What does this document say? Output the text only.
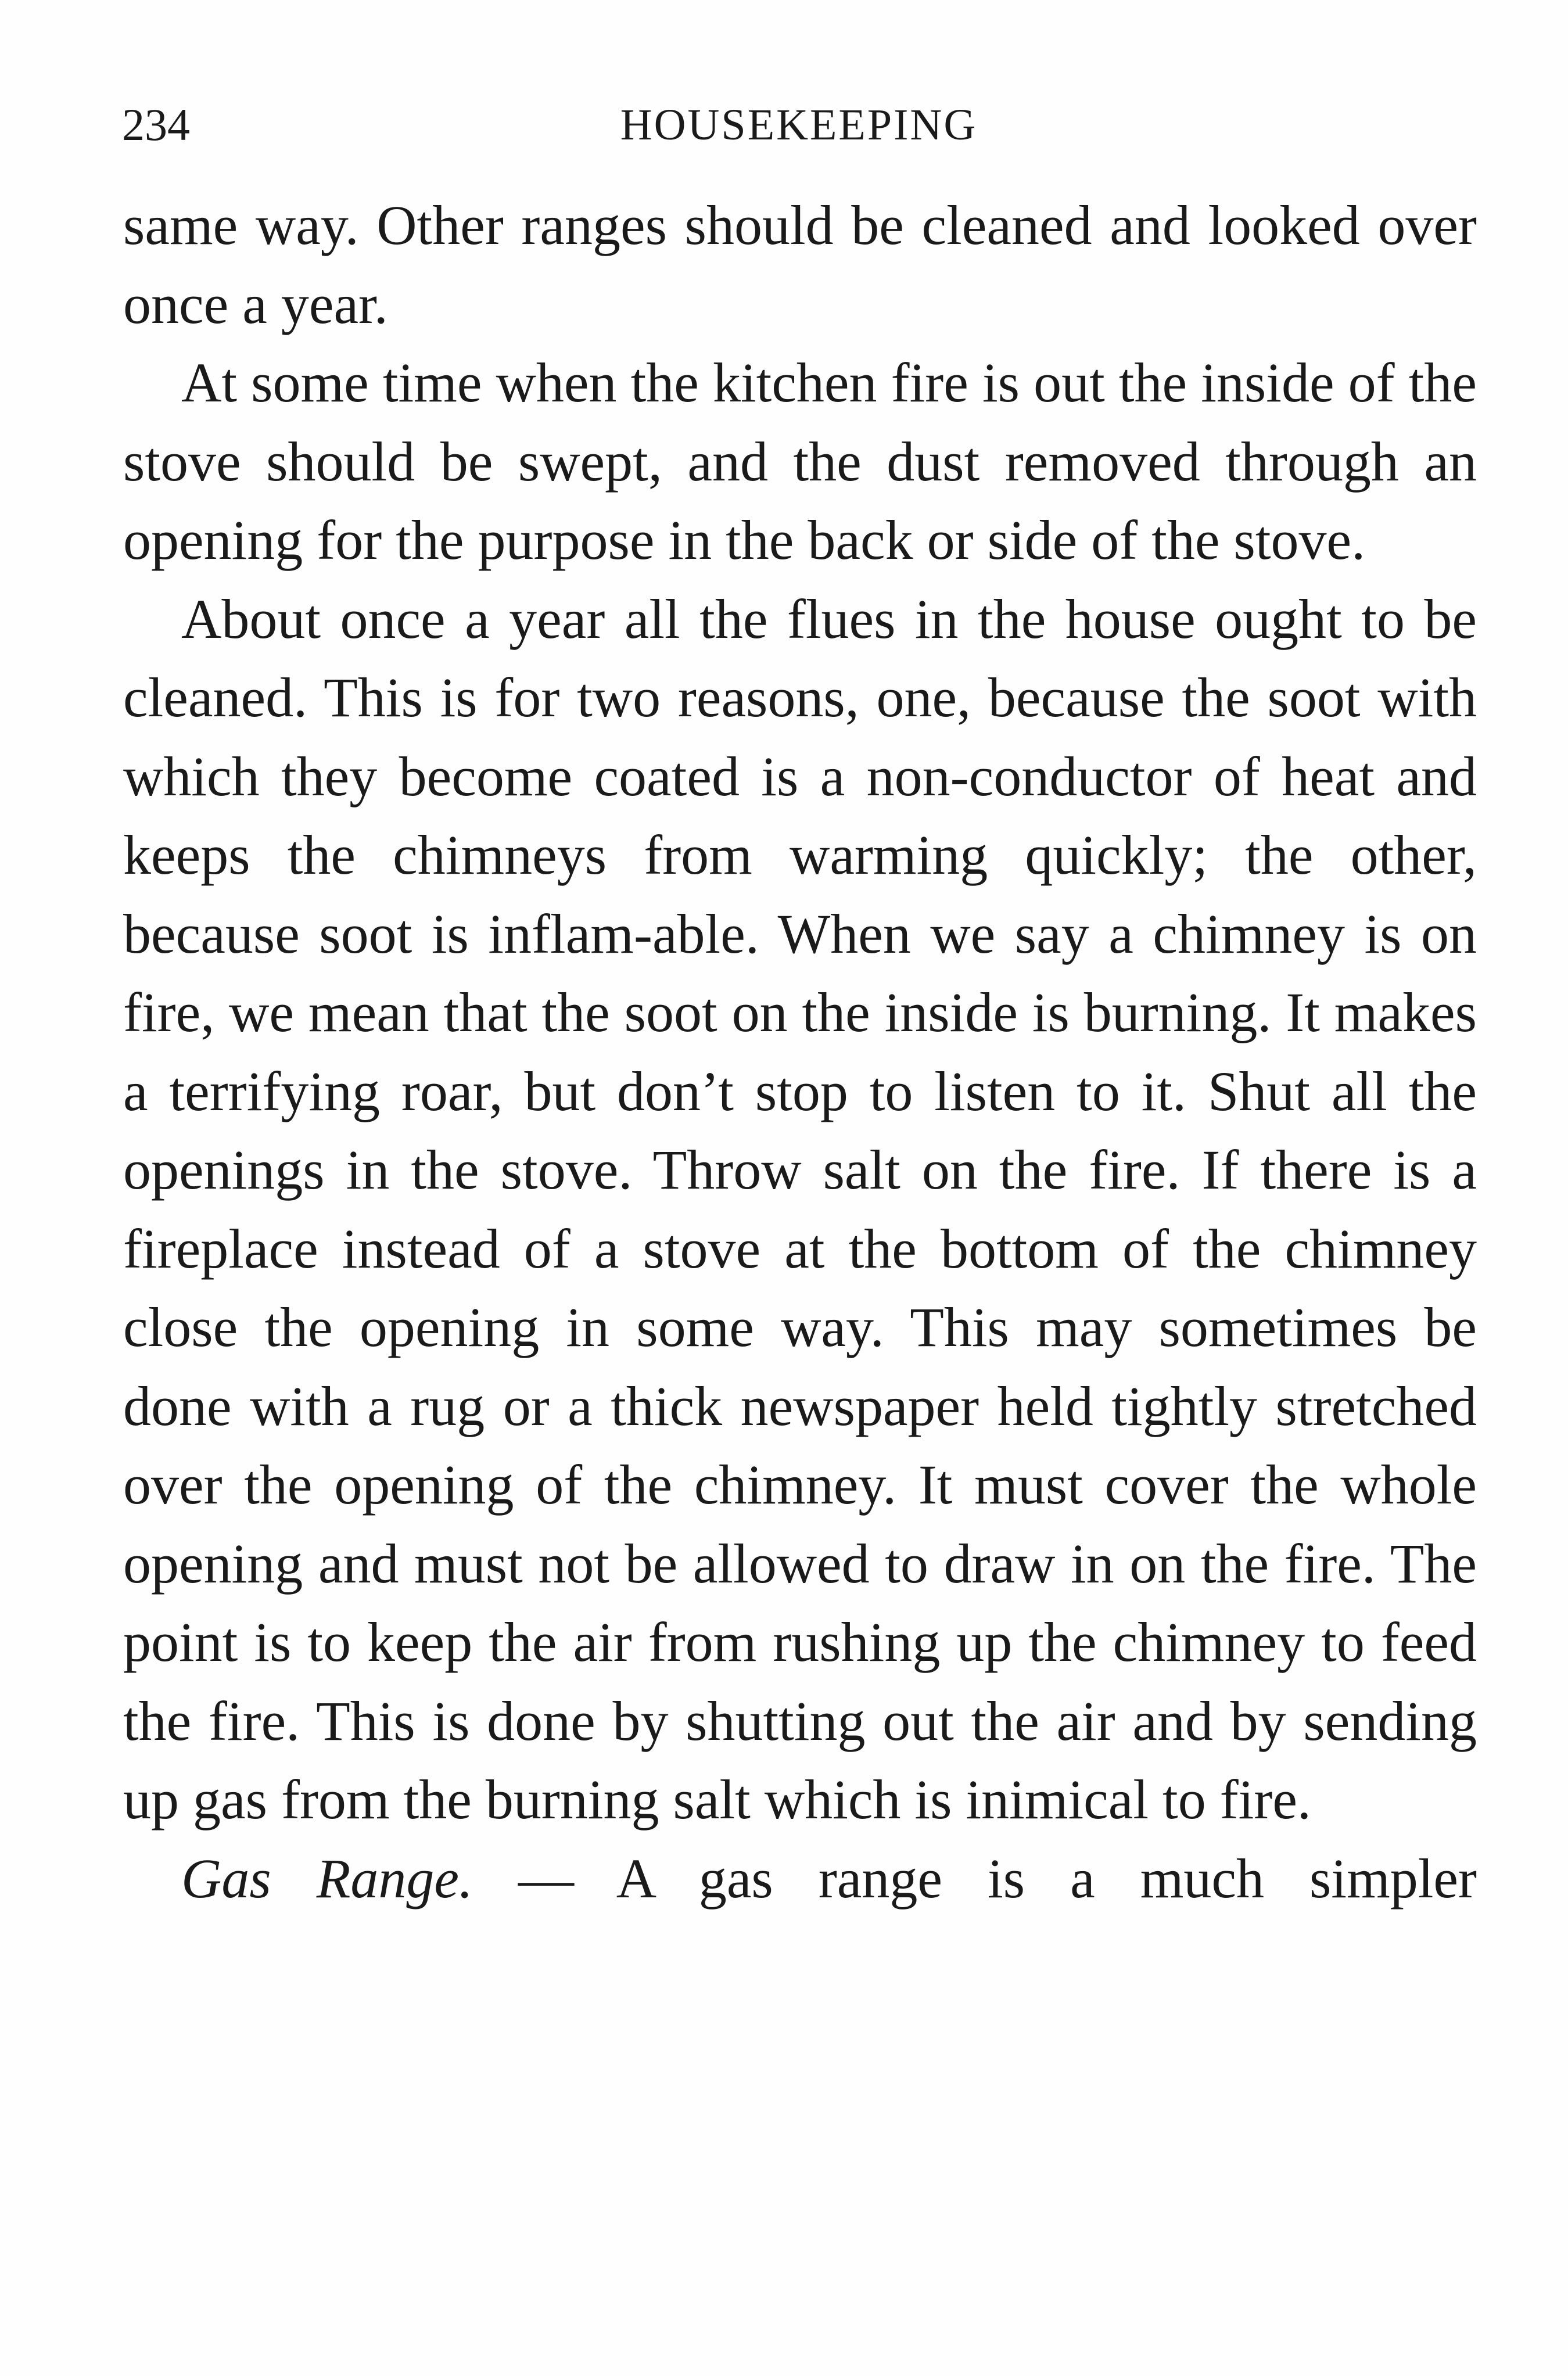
234	HOUSEKEEPING

same way. Other ranges should be cleaned and looked over once a year.

At some time when the kitchen fire is out the inside of the stove should be swept, and the dust removed through an opening for the purpose in the back or side of the stove.

About once a year all the flues in the house ought to be cleaned. This is for two reasons, one, because the soot with which they become coated is a non-conductor of heat and keeps the chimneys from warming quickly; the other, because soot is inflam-able. When we say a chimney is on fire, we mean that the soot on the inside is burning. It makes a terrifying roar, but don’t stop to listen to it. Shut all the openings in the stove. Throw salt on the fire. If there is a fireplace instead of a stove at the bottom of the chimney close the opening in some way. This may sometimes be done with a rug or a thick newspaper held tightly stretched over the opening of the chimney. It must cover the whole opening and must not be allowed to draw in on the fire. The point is to keep the air from rushing up the chimney to feed the fire. This is done by shutting out the air and by sending up gas from the burning salt which is inimical to fire.

Gas Range. — A gas range is a much simpler
